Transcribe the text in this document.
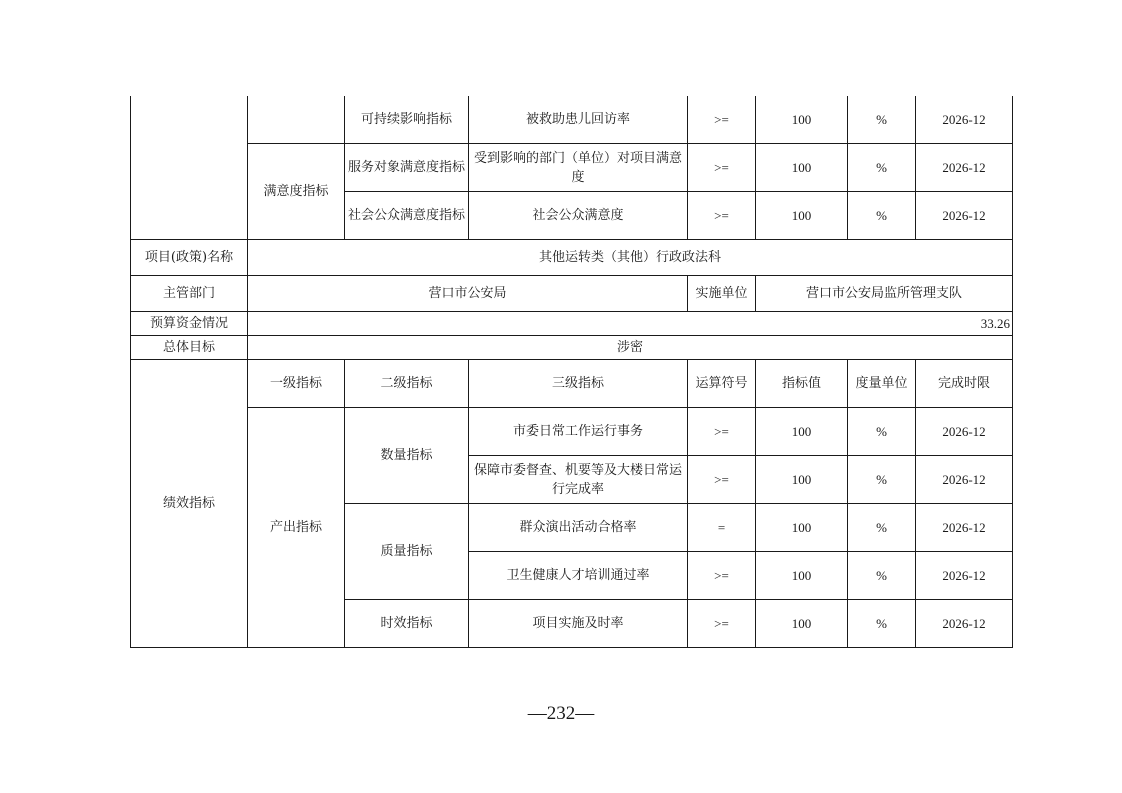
		可持续影响指标	被救助患儿回访率	>=	100	%	2026-12
	满意度指标	服务对象满意度指标	受到影响的部门（单位）对项目满意度	>=	100	%	2026-12
		社会公众满意度指标	社会公众满意度	>=	100	%	2026-12
项目(政策)名称	其他运转类（其他）行政政法科						
主管部门	营口市公安局			实施单位	营口市公安局监所管理支队		
预算资金情况	33.26						
总体目标	涉密						
绩效指标	一级指标	二级指标	三级指标	运算符号	指标值	度量单位	完成时限
	产出指标	数量指标	市委日常工作运行事务	>=	100	%	2026-12
			保障市委督查、机要等及大楼日常运行完成率	>=	100	%	2026-12
		质量指标	群众演出活动合格率	=	100	%	2026-12
			卫生健康人才培训通过率	>=	100	%	2026-12
		时效指标	项目实施及时率	>=	100	%	2026-12
—232—
